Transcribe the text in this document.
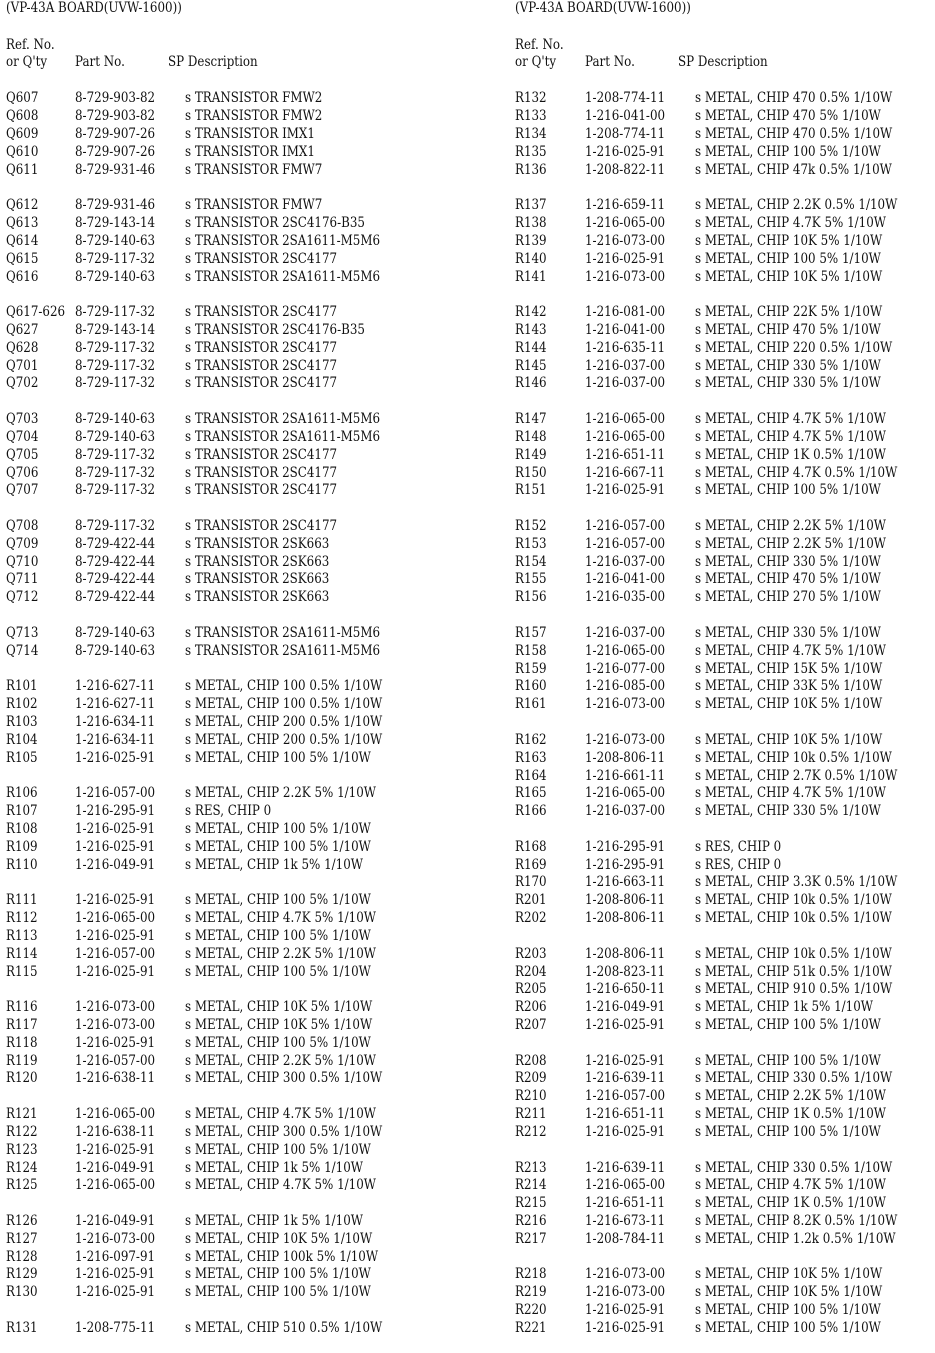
(VP-43A BOARD(UVW-1600))
Ref. No.
or Q'ty Part No.	SP Description
Q607	8-729-903-82 s TRANSISTOR FMW2
Q608	8-729-903-82 s TRANSISTOR FMW2
Q609	8-729-907-26 s TRANSISTOR IMX1
Q610	8-729-907-26 s TRANSISTOR IMX1
Q611	8-729-931-46 s TRANSISTOR FMW7
Q612	8-729-931-46 s TRANSISTOR FMW7
Q613	8-729-143-14 s TRANSISTOR 2SC4176-B35
Q614	8-729-140-63 s TRANSISTOR 2SA1611-M5M6
Q615	8-729-117-32 s TRANSISTOR 2SC4177
Q616	8-729-140-63 s TRANSISTOR 2SA1611-M5M6
Q617-626 8-729-117-32 s TRANSISTOR 2SC4177
Q627	8-729-143-14 s TRANSISTOR 2SC4176-B35
Q628	8-729-117-32 s TRANSISTOR 2SC4177
Q701	8-729-117-32 s TRANSISTOR 2SC4177
Q702	8-729-117-32 s TRANSISTOR 2SC4177
Q703	8-729-140-63 s TRANSISTOR 2SA1611-M5M6
Q704	8-729-140-63 s TRANSISTOR 2SA1611-M5M6
Q705	8-729-117-32 s TRANSISTOR 2SC4177
Q706	8-729-117-32 s TRANSISTOR 2SC4177
Q707	8-729-117-32 s TRANSISTOR 2SC4177
Q708	8-729-117-32 s TRANSISTOR 2SC4177
Q709	8-729-422-44 s TRANSISTOR 2SK663
Q710	8-729-422-44 s TRANSISTOR 2SK663
Q711	8-729-422-44 s TRANSISTOR 2SK663
Q712	8-729-422-44 s TRANSISTOR 2SK663
Q713	8-729-140-63 s TRANSISTOR 2SA1611-M5M6
Q714	8-729-140-63 s TRANSISTOR 2SA1611-M5M6
R101	1-216-627-11 s METAL, CHIP 100 0.5% 1/10W
R102	1-216-627-11 s METAL, CHIP 100 0.5% 1/10W
R103	1-216-634-11 s METAL, CHIP 200 0.5% 1/10W
R104	1-216-634-11 s METAL, CHIP 200 0.5% 1/10W
R105	1-216-025-91 s METAL, CHIP 100 5% 1/10W
R106	1-216-057-00 s METAL, CHIP 2.2K 5% 1/10W
R107	1-216-295-91 s RES, CHIP 0
R108	1-216-025-91 s METAL, CHIP 100 5% 1/10W
R109	1-216-025-91 s METAL, CHIP 100 5% 1/10W
R110	1-216-049-91 s METAL, CHIP 1k 5% 1/10W
R111	1-216-025-91 s METAL, CHIP 100 5% 1/10W
R112	1-216-065-00 s METAL, CHIP 4.7K 5% 1/10W
R113	1-216-025-91 s METAL, CHIP 100 5% 1/10W
R114	1-216-057-00 s METAL, CHIP 2.2K 5% 1/10W
R115	1-216-025-91 s METAL, CHIP 100 5% 1/10W
R116	1-216-073-00 s METAL, CHIP 10K 5% 1/10W
R117	1-216-073-00 s METAL, CHIP 10K 5% 1/10W
R118	1-216-025-91 s METAL, CHIP 100 5% 1/10W
R119	1-216-057-00 s METAL, CHIP 2.2K 5% 1/10W
R120	1-216-638-11 s METAL, CHIP 300 0.5% 1/10W
R121	1-216-065-00 s METAL, CHIP 4.7K 5% 1/10W
R122	1-216-638-11 s METAL, CHIP 300 0.5% 1/10W
R123	1-216-025-91 s METAL, CHIP 100 5% 1/10W
R124	1-216-049-91 s METAL, CHIP 1k 5% 1/10W
R125	1-216-065-00 s METAL, CHIP 4.7K 5% 1/10W
R126	1-216-049-91 s METAL, CHIP 1k 5% 1/10W
R127	1-216-073-00 s METAL, CHIP 10K 5% 1/10W
R128	1-216-097-91 s METAL, CHIP 100k 5% 1/10W
R129	1-216-025-91 s METAL, CHIP 100 5% 1/10W
R130	1-216-025-91 s METAL, CHIP 100 5% 1/10W
R131	1-208-775-11 s METAL, CHIP 510 0.5% 1/10W
(VP-43A BOARD(UVW-1600))
Ref. No.
or Q'ty Part No.	SP Description
R132	1-208-774-11 s METAL, CHIP 470 0.5% 1/10W
R133	1-216-041-00 s METAL, CHIP 470 5% 1/10W
R134	1-208-774-11 s METAL, CHIP 470 0.5% 1/10W
R135	1-216-025-91 s METAL, CHIP 100 5% 1/10W
R136	1-208-822-11 s METAL, CHIP 47k 0.5% 1/10W
R137	1-216-659-11 s METAL, CHIP 2.2K 0.5% 1/10W
R138	1-216-065-00 s METAL, CHIP 4.7K 5% 1/10W
R139	1-216-073-00 s METAL, CHIP 10K 5% 1/10W
R140	1-216-025-91 s METAL, CHIP 100 5% 1/10W
R141	1-216-073-00 s METAL, CHIP 10K 5% 1/10W
R142	1-216-081-00 s METAL, CHIP 22K 5% 1/10W
R143	1-216-041-00 s METAL, CHIP 470 5% 1/10W
R144	1-216-635-11 s METAL, CHIP 220 0.5% 1/10W
R145	1-216-037-00 s METAL, CHIP 330 5% 1/10W
R146	1-216-037-00 s METAL, CHIP 330 5% 1/10W
R147	1-216-065-00 s METAL, CHIP 4.7K 5% 1/10W
R148	1-216-065-00 s METAL, CHIP 4.7K 5% 1/10W
R149	1-216-651-11 s METAL, CHIP 1K 0.5% 1/10W
R150	1-216-667-11 s METAL, CHIP 4.7K 0.5% 1/10W
R151	1-216-025-91 s METAL, CHIP 100 5% 1/10W
R152	1-216-057-00 s METAL, CHIP 2.2K 5% 1/10W
R153	1-216-057-00 s METAL, CHIP 2.2K 5% 1/10W
R154	1-216-037-00 s METAL, CHIP 330 5% 1/10W
R155	1-216-041-00 s METAL, CHIP 470 5% 1/10W
R156	1-216-035-00 s METAL, CHIP 270 5% 1/10W
R157	1-216-037-00 s METAL, CHIP 330 5% 1/10W
R158	1-216-065-00 s METAL, CHIP 4.7K 5% 1/10W
R159	1-216-077-00 s METAL, CHIP 15K 5% 1/10W
R160	1-216-085-00 s METAL, CHIP 33K 5% 1/10W
R161	1-216-073-00 s METAL, CHIP 10K 5% 1/10W
R162	1-216-073-00 s METAL, CHIP 10K 5% 1/10W
R163	1-208-806-11 s METAL, CHIP 10k 0.5% 1/10W
R164	1-216-661-11 s METAL, CHIP 2.7K 0.5% 1/10W
R165	1-216-065-00 s METAL, CHIP 4.7K 5% 1/10W
R166	1-216-037-00 s METAL, CHIP 330 5% 1/10W
R168	1-216-295-91 s RES, CHIP 0
R169	1-216-295-91 s RES, CHIP 0
R170	1-216-663-11 s METAL, CHIP 3.3K 0.5% 1/10W
R201	1-208-806-11 s METAL, CHIP 10k 0.5% 1/10W
R202	1-208-806-11 s METAL, CHIP 10k 0.5% 1/10W
R203	1-208-806-11 s METAL, CHIP 10k 0.5% 1/10W
R204	1-208-823-11 s METAL, CHIP 51k 0.5% 1/10W
R205	1-216-650-11 s METAL, CHIP 910 0.5% 1/10W
R206	1-216-049-91 s METAL, CHIP 1k 5% 1/10W
R207	1-216-025-91 s METAL, CHIP 100 5% 1/10W
R208	1-216-025-91 s METAL, CHIP 100 5% 1/10W
R209	1-216-639-11 s METAL, CHIP 330 0.5% 1/10W
R210	1-216-057-00 s METAL, CHIP 2.2K 5% 1/10W
R211	1-216-651-11 s METAL, CHIP 1K 0.5% 1/10W
R212	1-216-025-91 s METAL, CHIP 100 5% 1/10W
R213	1-216-639-11 s METAL, CHIP 330 0.5% 1/10W
R214	1-216-065-00 s METAL, CHIP 4.7K 5% 1/10W
R215	1-216-651-11 s METAL, CHIP 1K 0.5% 1/10W
R216	1-216-673-11 s METAL, CHIP 8.2K 0.5% 1/10W
R217	1-208-784-11 s METAL, CHIP 1.2k 0.5% 1/10W
R218	1-216-073-00 s METAL, CHIP 10K 5% 1/10W
R219	1-216-073-00 s METAL, CHIP 10K 5% 1/10W
R220	1-216-025-91 s METAL, CHIP 100 5% 1/10W
R221	1-216-025-91 s METAL, CHIP 100 5% 1/10W
